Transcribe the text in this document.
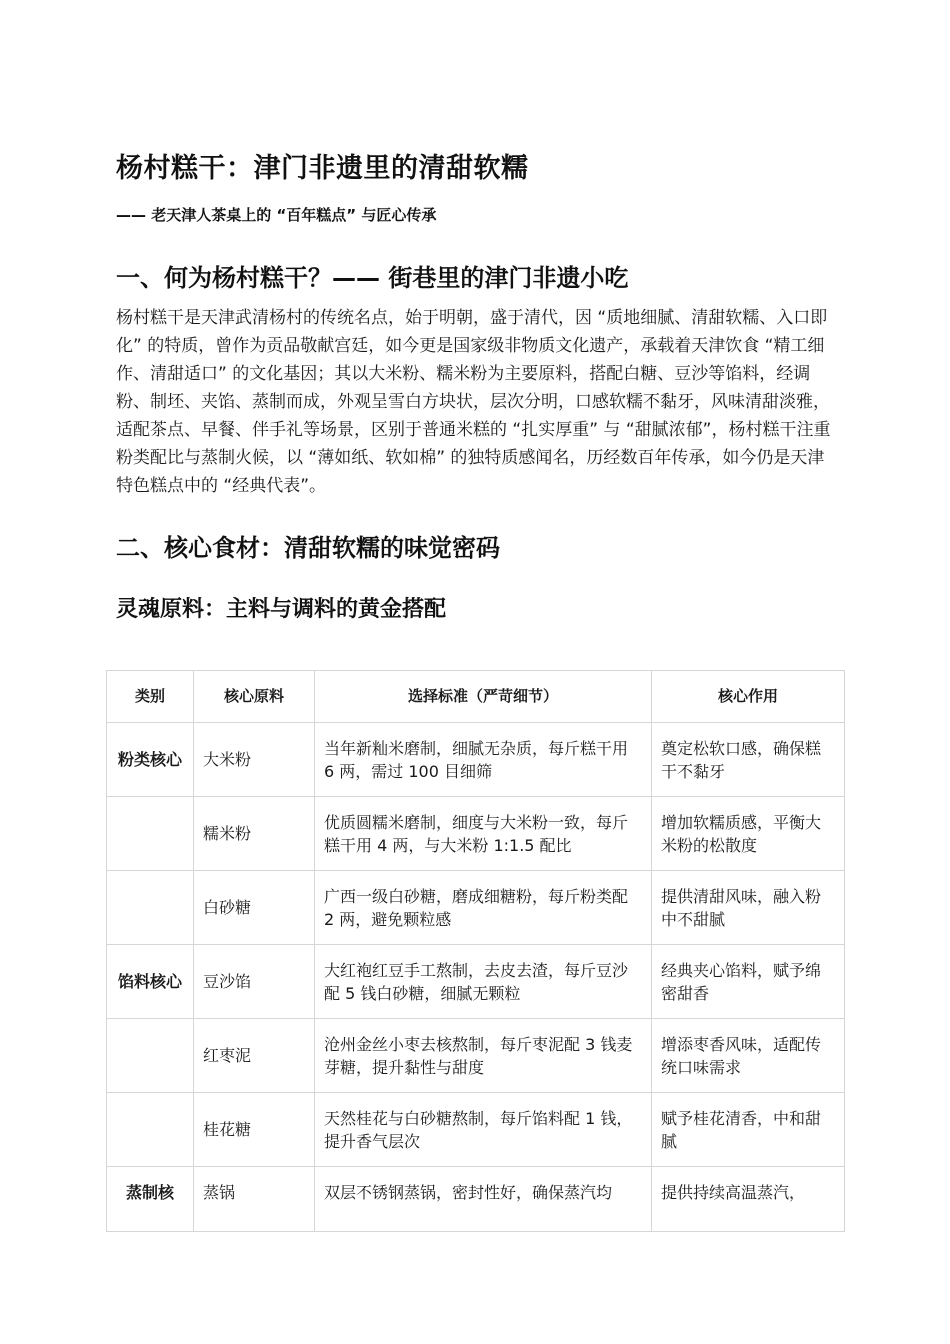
杨村糕干：津门非遗里的清甜软糯
—— 老天津人茶桌上的 “百年糕点” 与匠心传承
一、何为杨村糕干？—— 街巷里的津门非遗小吃
杨村糕干是天津武清杨村的传统名点，始于明朝，盛于清代，因 “质地细腻、清甜软糯、入口即化” 的特质，曾作为贡品敬献宫廷，如今更是国家级非物质文化遗产，承载着天津饮食 “精工细作、清甜适口” 的文化基因；其以大米粉、糯米粉为主要原料，搭配白糖、豆沙等馅料，经调粉、制坯、夹馅、蒸制而成，外观呈雪白方块状，层次分明，口感软糯不黏牙，风味清甜淡雅，适配茶点、早餐、伴手礼等场景，区别于普通米糕的 “扎实厚重” 与 “甜腻浓郁”，杨村糕干注重粉类配比与蒸制火候，以 “薄如纸、软如棉” 的独特质感闻名，历经数百年传承，如今仍是天津特色糕点中的 “经典代表”。
二、核心食材：清甜软糯的味觉密码
灵魂原料：主料与调料的黄金搭配
类别	核心原料	选择标准（严苛细节）	核心作用
粉类核心	大米粉	当年新籼米磨制，细腻无杂质，每斤糕干用 6 两，需过 100 目细筛	奠定松软口感，确保糕干不黏牙
	糯米粉	优质圆糯米磨制，细度与大米粉一致，每斤糕干用 4 两，与大米粉 1:1.5 配比	增加软糯质感，平衡大米粉的松散度
	白砂糖	广西一级白砂糖，磨成细糖粉，每斤粉类配 2 两，避免颗粒感	提供清甜风味，融入粉中不甜腻
馅料核心	豆沙馅	大红袍红豆手工熬制，去皮去渣，每斤豆沙配 5 钱白砂糖，细腻无颗粒	经典夹心馅料，赋予绵密甜香
	红枣泥	沧州金丝小枣去核熬制，每斤枣泥配 3 钱麦芽糖，提升黏性与甜度	增添枣香风味，适配传统口味需求
	桂花糖	天然桂花与白砂糖熬制，每斤馅料配 1 钱，提升香气层次	赋予桂花清香，中和甜腻
蒸制核	蒸锅	双层不锈钢蒸锅，密封性好，确保蒸汽均	提供持续高温蒸汽，
